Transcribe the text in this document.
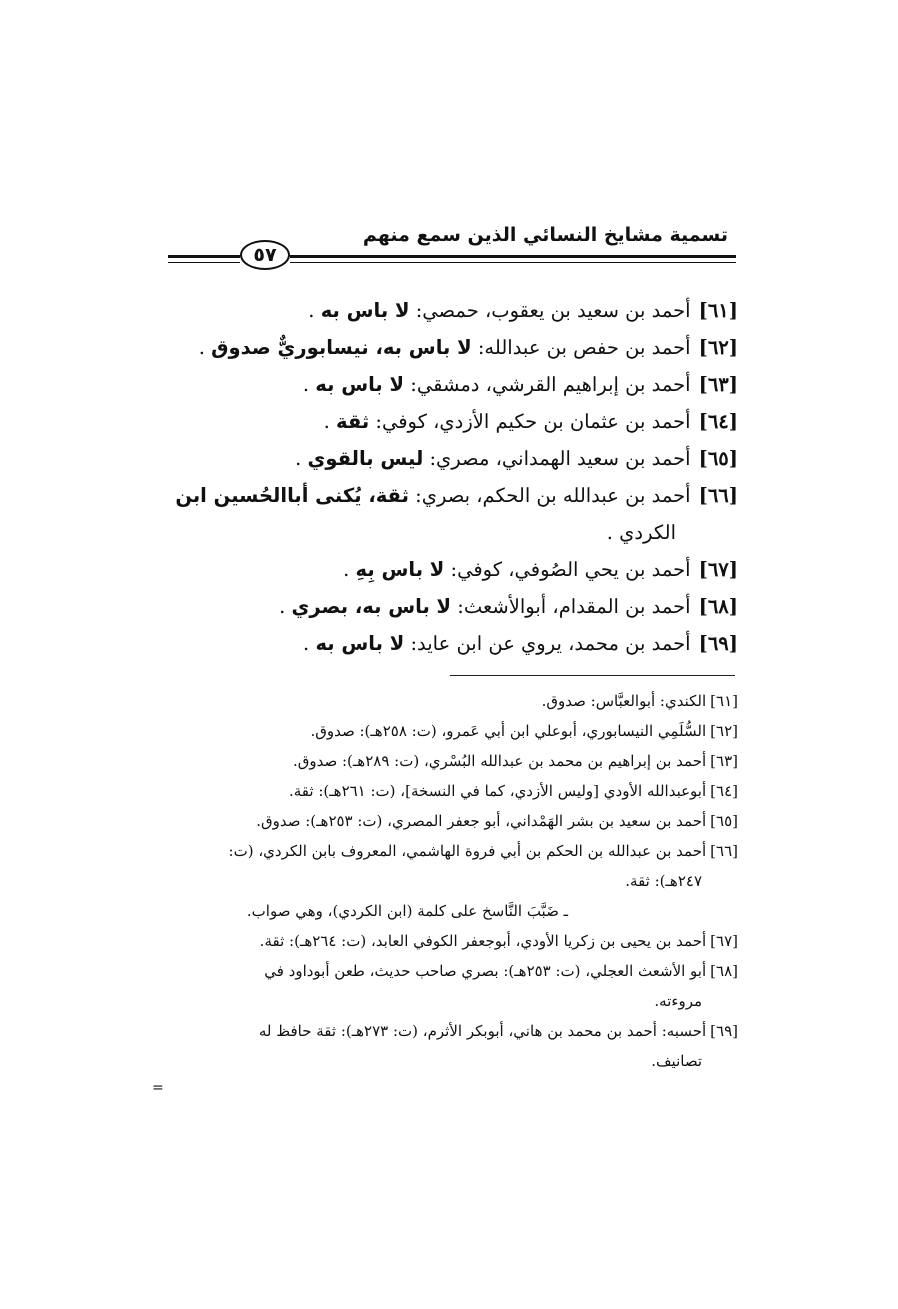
تسمية مشايخ النسائي الذين سمع منهم
٥٧
[٦١]أحمد بن سعيد بن يعقوب، حمصي: لا باس به .
[٦٢]أحمد بن حفص بن عبدالله: لا باس به، نيسابوريٌّ صدوق .
[٦٣]أحمد بن إبراهيم القرشي، دمشقي: لا باس به .
[٦٤]أحمد بن عثمان بن حكيم الأزدي، كوفي: ثقة .
[٦٥]أحمد بن سعيد الهمداني، مصري: ليس بالقوي .
[٦٦]أحمد بن عبدالله بن الحكم، بصري: ثقة، يُكنى أباالحُسين ابن
الكردي .
[٦٧]أحمد بن يحي الصُوفي، كوفي: لا باس بِهِ .
[٦٨]أحمد بن المقدام، أبوالأشعث: لا باس به، بصري .
[٦٩]أحمد بن محمد، يروي عن ابن عايد: لا باس به .
[٦١]الكندي: أبوالعبَّاس: صدوق.
[٦٢]السُّلَمِي النيسابوري، أبوعلي ابن أبي عَمرو، (ت: ٢٥٨هـ): صدوق.
[٦٣]أحمد بن إبراهيم بن محمد بن عبدالله البُسْري، (ت: ٢٨٩هـ): صدوق.
[٦٤]أبوعبدالله الأودي [وليس الأزدي، كما في النسخة]، (ت: ٢٦١هـ): ثقة.
[٦٥]أحمد بن سعيد بن بشر الهَمْداني، أبو جعفر المصري، (ت: ٢٥٣هـ): صدوق.
[٦٦]أحمد بن عبدالله بن الحكم بن أبي فروة الهاشمي، المعروف بابن الكردي، (ت:
٢٤٧هـ): ثقة.
ـ ضَبَّبَ النَّاسخ على كلمة (ابن الكردي)، وهي صواب.
[٦٧]أحمد بن يحيى بن زكريا الأودي، أبوجعفر الكوفي العابد، (ت: ٢٦٤هـ): ثقة.
[٦٨]أبو الأشعث العجلي، (ت: ٢٥٣هـ): بصري صاحب حديث، طعن أبوداود في
مروءته.
[٦٩]أحسبه: أحمد بن محمد بن هاني، أبوبكر الأثرم، (ت: ٢٧٣هـ): ثقة حافظ له
تصانيف.
=
